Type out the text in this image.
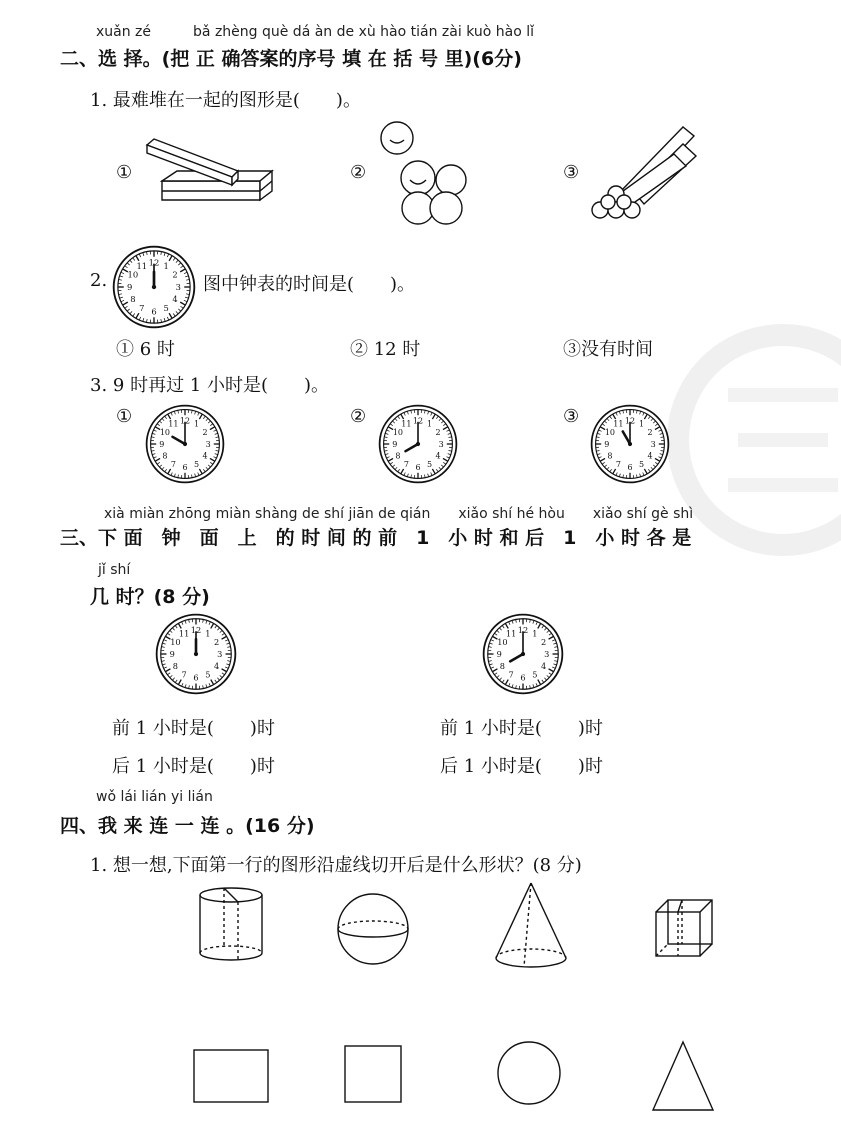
xuǎn zé　　　bǎ zhèng què dá àn de xù hào tián zài kuò hào lǐ
二、选 择。(把 正 确答案的序号 填 在 括 号 里)(6分)
1. 最难堆在一起的图形是(　　)。
①	②	③
2.
12 1
2
3
4
5
6
7
8
9
10
11
图中钟表的时间是(　　)。
① 6 时	② 12 时	③没有时间
3. 9 时再过 1 小时是(　　)。
①	12 1
2
3
4
5
6
7
8
9
10
11	②	12 1
2
3
4
5
6
7
8
9
10
11	③	12 1
2
3
4
5
6
7
8
9
10
11
xià miàn zhōng miàn shàng de shí jiān de qián　　xiǎo shí hé hòu　　xiǎo shí gè shì
三、下 面　钟　面　上　的 时 间 的 前　1　小 时 和 后　1　小 时 各 是
jǐ shí
几 时？(8 分)
12 1
2
3
4
5
6
7
8
9
10
11	12 1
2
3
4
5
6
7
8
9
10
11
前 1 小时是(　　)时
后 1 小时是(　　)时
前 1 小时是(　　)时
后 1 小时是(　　)时
wǒ lái lián yi lián
四、我 来 连 一 连 。(16 分)
1. 想一想,下面第一行的图形沿虚线切开后是什么形状？(8 分)
